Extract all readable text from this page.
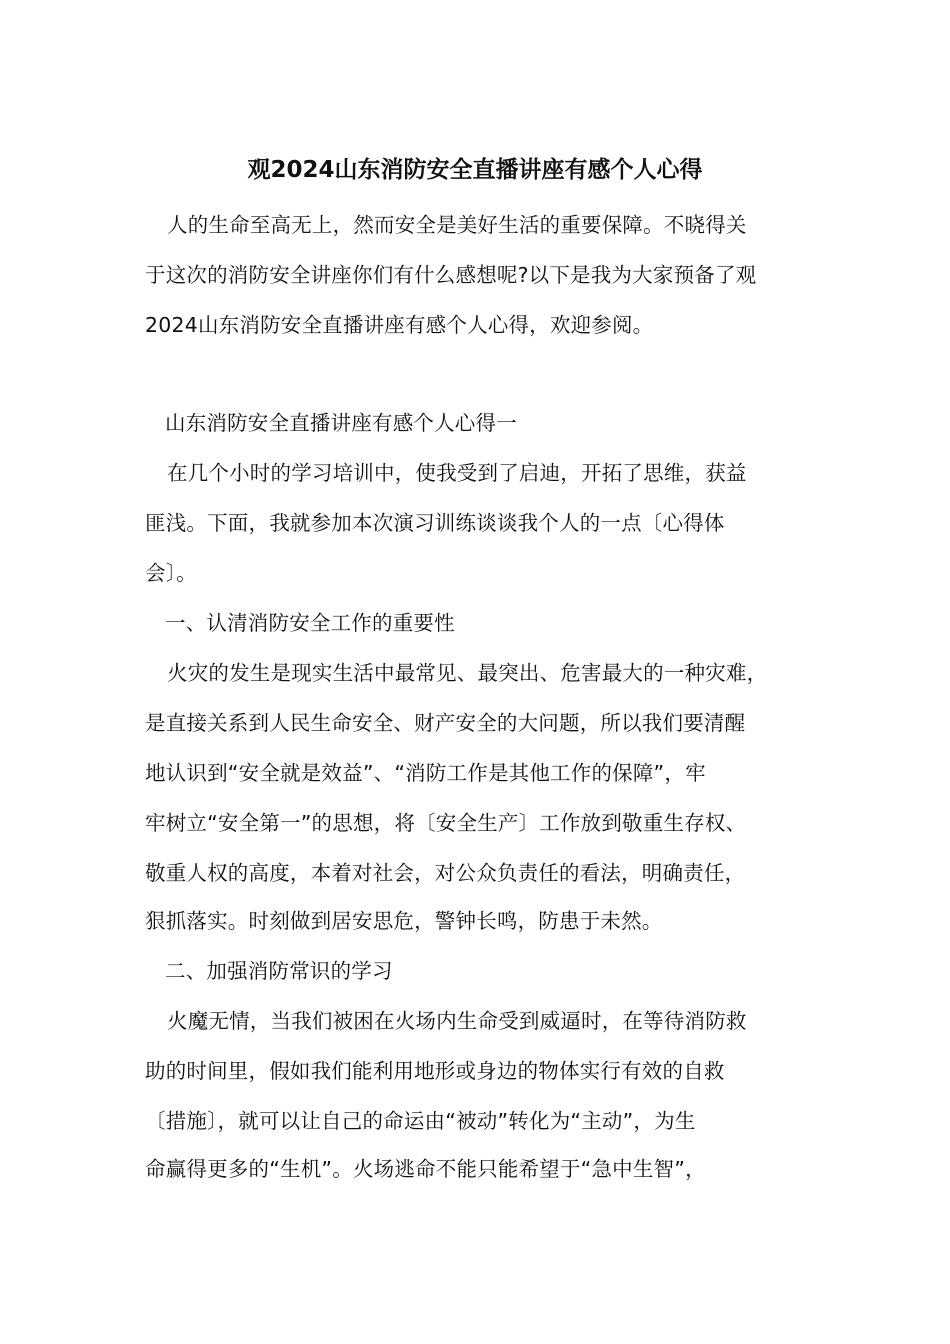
观2024山东消防安全直播讲座有感个人心得
人的生命至高无上，然而安全是美好生活的重要保障。不晓得关
于这次的消防安全讲座你们有什么感想呢?以下是我为大家预备了观
2024山东消防安全直播讲座有感个人心得，欢迎参阅。
山东消防安全直播讲座有感个人心得一
在几个小时的学习培训中，使我受到了启迪，开拓了思维，获益
匪浅。下面，我就参加本次演习训练谈谈我个人的一点〔心得体
会〕。
一、认清消防安全工作的重要性
火灾的发生是现实生活中最常见、最突出、危害最大的一种灾难，
是直接关系到人民生命安全、财产安全的大问题，所以我们要清醒
地认识到“安全就是效益”、“消防工作是其他工作的保障”，牢
牢树立“安全第一”的思想，将〔安全生产〕工作放到敬重生存权、
敬重人权的高度，本着对社会，对公众负责任的看法，明确责任，
狠抓落实。时刻做到居安思危，警钟长鸣，防患于未然。
二、加强消防常识的学习
火魔无情，当我们被困在火场内生命受到威逼时，在等待消防救
助的时间里，假如我们能利用地形或身边的物体实行有效的自救
〔措施〕，就可以让自己的命运由“被动”转化为“主动”，为生
命赢得更多的“生机”。火场逃命不能只能希望于“急中生智”，
